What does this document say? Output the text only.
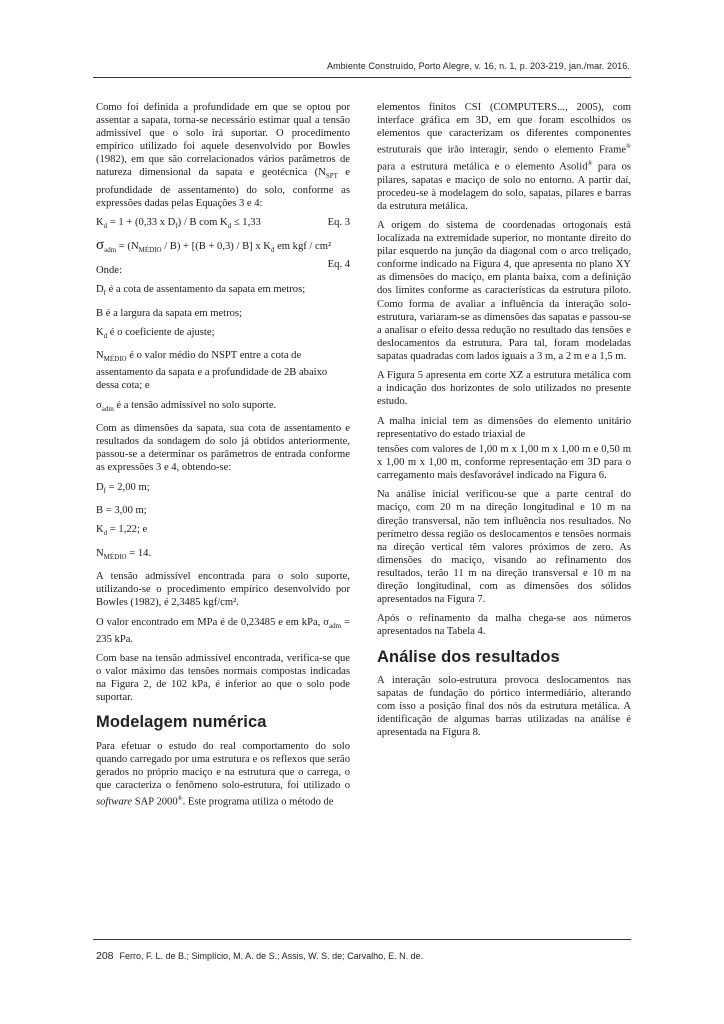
Ambiente Construído, Porto Alegre, v. 16, n. 1, p. 203-219, jan./mar. 2016.

Como foi definida a profundidade em que se optou por assentar a sapata, torna-se necessário estimar qual a tensão admissível que o solo irá suportar. O procedimento empírico utilizado foi aquele desenvolvido por Bowles (1982), em que são correlacionados vários parâmetros de natureza dimensional da sapata e geotécnica ($N_{SPT}$ e profundidade de assentamento) do solo, conforme as expressões dadas pelas Equações 3 e 4:

$K_d = 1 + (0,33$ x $D_f$) / B com $K_d \le 1,33$	Eq. 3

$\sigma_{adm} = (N_{MÉDIO} / B) + [(B + 0,3) / B]$ x $K_d$ em kgf / cm²
Eq. 4

Onde:

$D_f$ é a cota de assentamento da sapata em metros;

B é a largura da sapata em metros;

$K_d$ é o coeficiente de ajuste;

$N_{MÉDIO}$ é o valor médio do NSPT entre a cota de assentamento da sapata e a profundidade de 2B abaixo dessa cota; e

$\sigma_{adm}$ é a tensão admissível no solo suporte.

Com as dimensões da sapata, sua cota de assentamento e resultados da sondagem do solo já obtidos anteriormente, passou-se a determinar os parâmetros de entrada conforme as expressões 3 e 4, obtendo-se:

$D_f = 2,00$ m;

B = 3,00 m;

$K_d = 1,22$; e

$N_{MÉDIO} = 14$.

A tensão admissível encontrada para o solo suporte, utilizando-se o procedimento empírico desenvolvido por Bowles (1982), é 2,3485 kgf/cm².

O valor encontrado em MPa é de 0,23485 e em kPa, $\sigma_{adm} = 235$ kPa.

Com base na tensão admissível encontrada, verifica-se que o valor máximo das tensões normais compostas indicadas na Figura 2, de 102 kPa, é inferior ao que o solo pode suportar.

Modelagem numérica

Para efetuar o estudo do real comportamento do solo quando carregado por uma estrutura e os reflexos que serão gerados no próprio maciço e na estrutura que o carrega, o que caracteriza o fenômeno solo-estrutura, foi utilizado o software SAP 2000®. Este programa utiliza o método de

elementos finitos CSI (COMPUTERS..., 2005), com interface gráfica em 3D, em que foram escolhidos os elementos que caracterizam os diferentes componentes estruturais que irão interagir, sendo o elemento Frame® para a estrutura metálica e o elemento Asolid® para os pilares, sapatas e maciço de solo no entorno. A partir daí, procedeu-se à modelagem do solo, sapatas, pilares e barras da estrutura metálica.

A origem do sistema de coordenadas ortogonais está localizada na extremidade superior, no montante direito do pilar esquerdo na junção da diagonal com o arco treliçado, conforme indicado na Figura 4, que apresenta no plano XY as dimensões do maciço, em planta baixa, com a definição dos limites conforme as características da estrutura piloto. Como forma de avaliar a influência da interação solo-estrutura, variaram-se as dimensões das sapatas e passou-se a analisar o efeito dessa redução no resultado das tensões e deslocamentos da estrutura. Para tal, foram modeladas sapatas quadradas com lados iguais a 3 m, a 2 m e a 1,5 m.

A Figura 5 apresenta em corte XZ a estrutura metálica com a indicação dos horizontes de solo utilizados no presente estudo.

A malha inicial tem as dimensões do elemento unitário representativo do estado triaxial de

tensões com valores de 1,00 m x 1,00 m x 1,00 m e 0,50 m x 1,00 m x 1,00 m, conforme representação em 3D para o carregamento mais desfavorável indicado na Figura 6.

Na análise inicial verificou-se que a parte central do maciço, com 20 m na direção longitudinal e 10 m na direção transversal, não tem influência nos resultados. No perímetro dessa região os deslocamentos e tensões normais na direção vertical têm valores próximos de zero. As dimensões do maciço, visando ao refinamento dos resultados, terão 11 m na direção transversal e 10 m na direção longitudinal, com as dimensões dos sólidos apresentados na Figura 7.

Após o refinamento da malha chega-se aos números apresentados na Tabela 4.

Análise dos resultados

A interação solo-estrutura provoca deslocamentos nas sapatas de fundação do pórtico intermediário, alterando com isso a posição final dos nós da estrutura metálica. A identificação de algumas barras utilizadas na análise é apresentada na Figura 8.

208 Ferro, F. L. de B.; Simplício, M. A. de S.; Assis, W. S. de; Carvalho, E. N. de.
